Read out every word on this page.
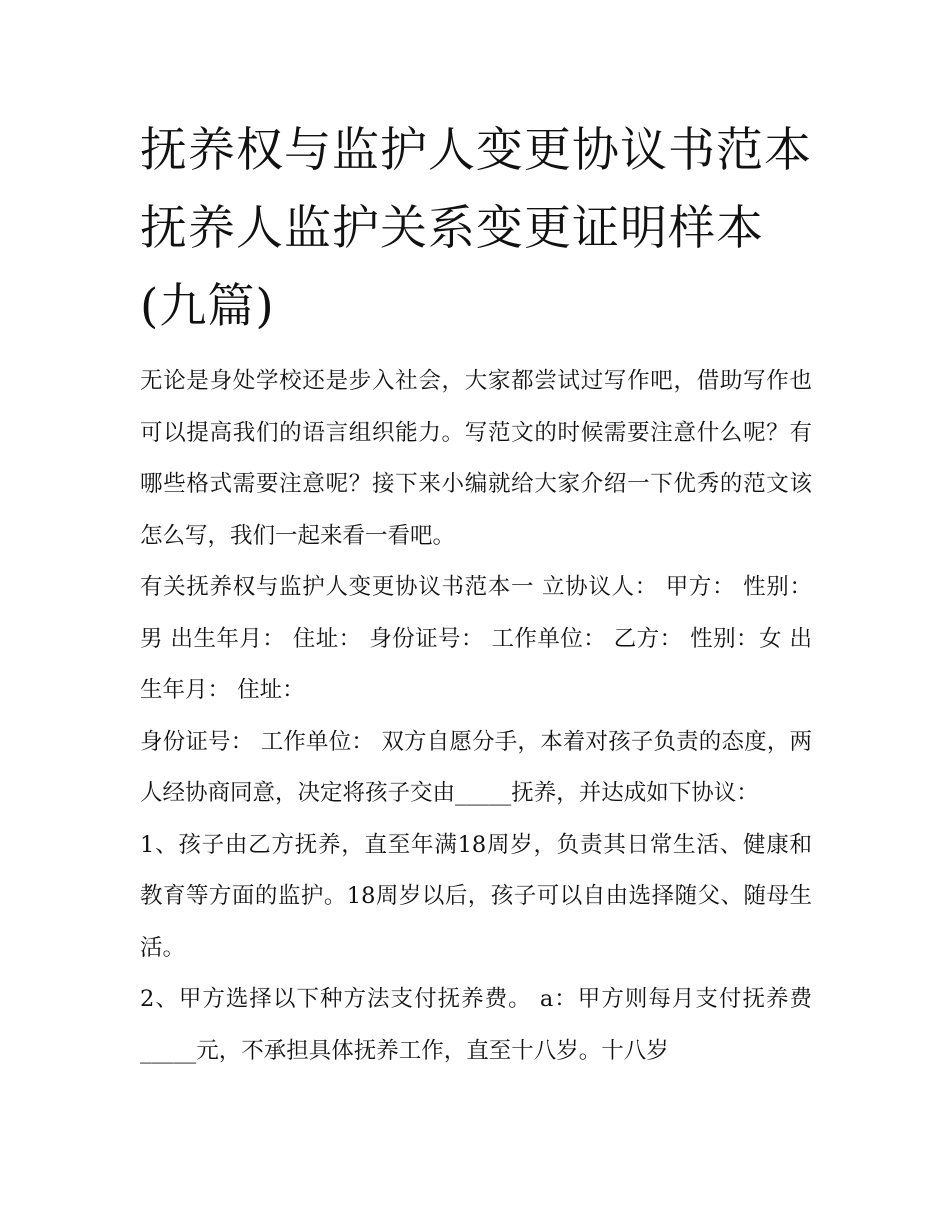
抚养权与监护人变更协议书范本 抚养人监护关系变更证明样本(九篇)

无论是身处学校还是步入社会，大家都尝试过写作吧，借助写作也可以提高我们的语言组织能力。写范文的时候需要注意什么呢？有哪些格式需要注意呢？接下来小编就给大家介绍一下优秀的范文该怎么写，我们一起来看一看吧。

有关抚养权与监护人变更协议书范本一 立协议人： 甲方： 性别：男 出生年月： 住址： 身份证号： 工作单位： 乙方： 性别：女 出生年月： 住址：

身份证号： 工作单位： 双方自愿分手，本着对孩子负责的态度，两人经协商同意，决定将孩子交由_____抚养，并达成如下协议：

1、孩子由乙方抚养，直至年满18周岁，负责其日常生活、健康和教育等方面的监护。18周岁以后，孩子可以自由选择随父、随母生活。

2、甲方选择以下种方法支付抚养费。 a：甲方则每月支付抚养费_____元，不承担具体抚养工作，直至十八岁。十八岁
